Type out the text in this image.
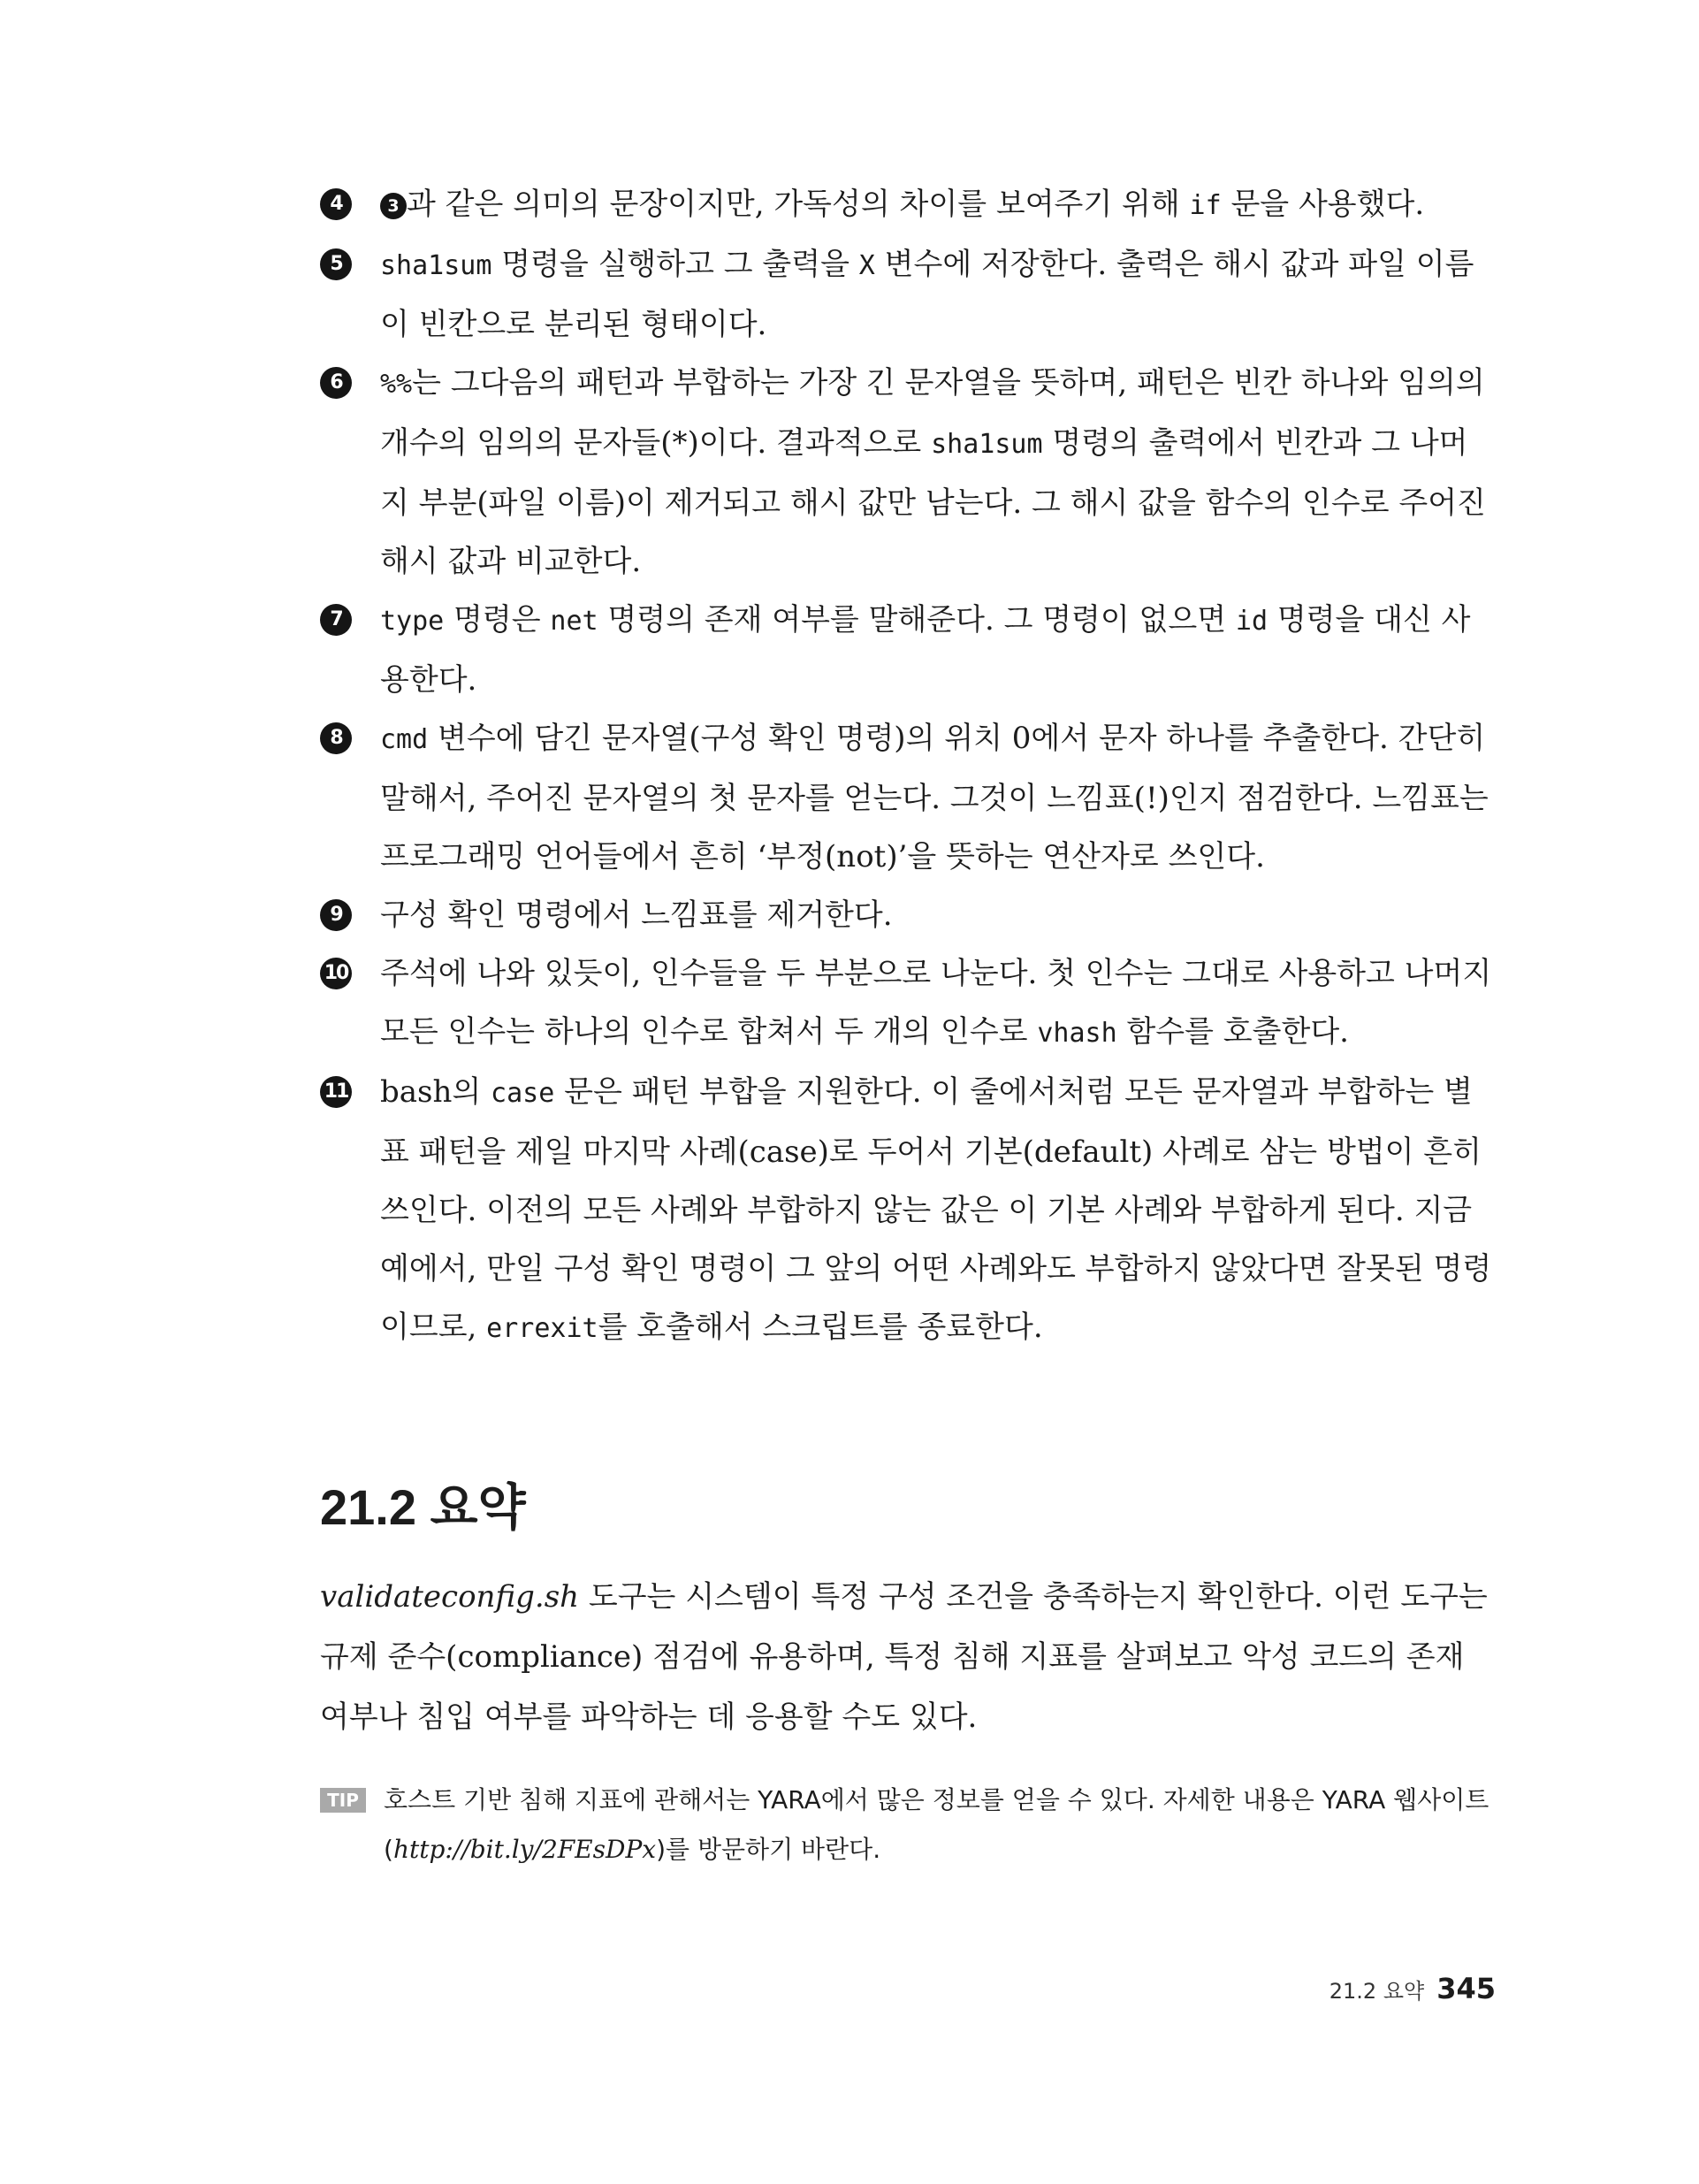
4	3 과 같은 의미의 문장이지만, 가독성의 차이를 보여주기 위해 if 문을 사용했다.
5	sha1sum 명령을 실행하고 그 출력을 X 변수에 저장한다. 출력은 해시 값과 파일 이름이 빈칸으로 분리된 형태이다.
6	%%는 그다음의 패턴과 부합하는 가장 긴 문자열을 뜻하며, 패턴은 빈칸 하나와 임의의 개수의 임의의 문자들(*)이다. 결과적으로 sha1sum 명령의 출력에서 빈칸과 그 나머지 부분(파일 이름)이 제거되고 해시 값만 남는다. 그 해시 값을 함수의 인수로 주어진 해시 값과 비교한다.
7	type 명령은 net 명령의 존재 여부를 말해준다. 그 명령이 없으면 id 명령을 대신 사용한다.
8	cmd 변수에 담긴 문자열(구성 확인 명령)의 위치 0에서 문자 하나를 추출한다. 간단히 말해서, 주어진 문자열의 첫 문자를 얻는다. 그것이 느낌표(!)인지 점검한다. 느낌표는 프로그래밍 언어들에서 흔히 ‘부정(not)’을 뜻하는 연산자로 쓰인다.
9	구성 확인 명령에서 느낌표를 제거한다.
10 주석에 나와 있듯이, 인수들을 두 부분으로 나눈다. 첫 인수는 그대로 사용하고 나머지 모든 인수는 하나의 인수로 합쳐서 두 개의 인수로 vhash 함수를 호출한다.
11 bash의 case 문은 패턴 부합을 지원한다. 이 줄에서처럼 모든 문자열과 부합하는 별표 패턴을 제일 마지막 사례(case)로 두어서 기본(default) 사례로 삼는 방법이 흔히 쓰인다. 이전의 모든 사례와 부합하지 않는 값은 이 기본 사례와 부합하게 된다. 지금 예에서, 만일 구성 확인 명령이 그 앞의 어떤 사례와도 부합하지 않았다면 잘못된 명령이므로, errexit를 호출해서 스크립트를 종료한다.
21.2 요약

validateconfig.sh 도구는 시스템이 특정 구성 조건을 충족하는지 확인한다. 이런 도구는 규제 준수(compliance) 점검에 유용하며, 특정 침해 지표를 살펴보고 악성 코드의 존재 여부나 침입 여부를 파악하는 데 응용할 수도 있다.

TIP	호스트 기반 침해 지표에 관해서는 YARA에서 많은 정보를 얻을 수 있다. 자세한 내용은 YARA 웹사이트(http://bit.ly/2FEsDPx)를 방문하기 바란다.
21.2 요약 345
